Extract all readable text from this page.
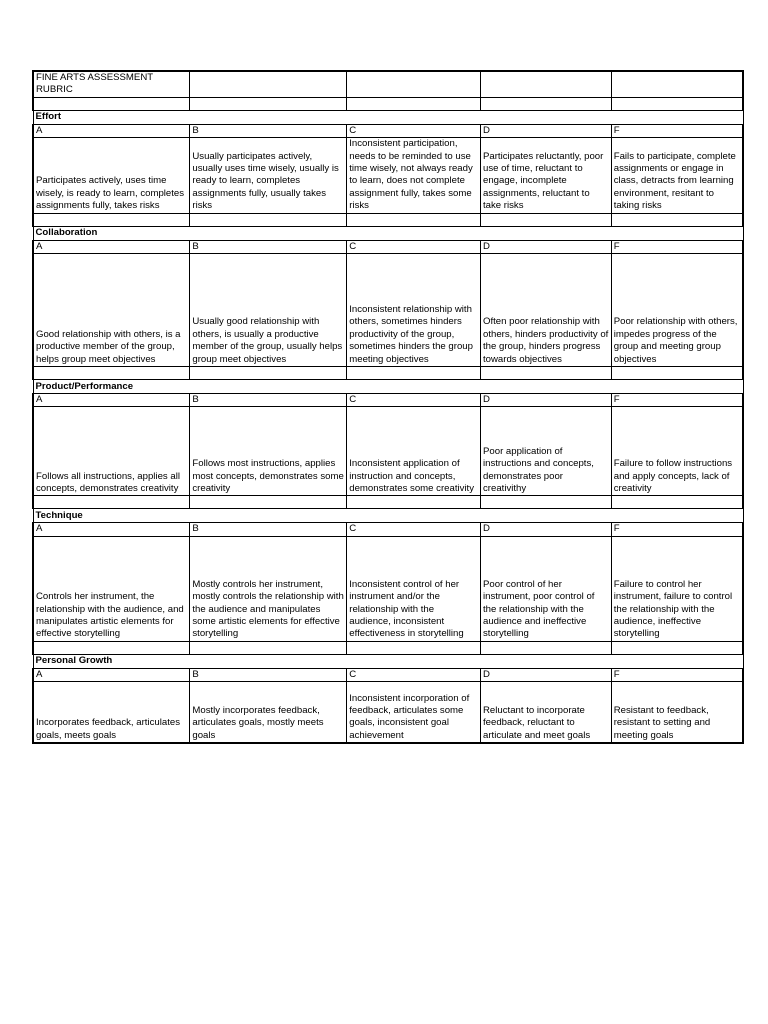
FINE ARTS ASSESSMENT RUBRIC				

Effort				
A	B	C	D	F
Participates actively, uses time wisely, is ready to learn, completes assignments fully, takes risks	Usually participates actively, usually uses time wisely, usually is ready to learn, completes assignments fully, usually takes risks	Inconsistent participation, needs to be reminded to use time wisely, not always ready to learn, does not complete assignment fully, takes some risks	Participates reluctantly, poor use of time, reluctant to engage, incomplete assignments, reluctant to take risks	Fails to participate, complete assignments or engage in class, detracts from learning environment, resitant to taking risks

Collaboration				
A	B	C	D	F
Good relationship with others, is a productive member of the group, helps group meet objectives	Usually good relationship with others, is usually a productive member of the group, usually helps group meet objectives	Inconsistent relationship with others, sometimes hinders productivity of the group, sometimes hinders the group meeting objectives	Often poor relationship with others, hinders productivity of the group, hinders progress towards objectives	Poor relationship with others, impedes progress of the group and meeting group objectives

Product/Performance				
A	B	C	D	F
Follows all instructions, applies all concepts, demonstrates creativity	Follows most instructions, applies most concepts, demonstrates some creativity	Inconsistent application of instruction and concepts, demonstrates some creativity	Poor application of instructions and concepts, demonstrates poor creativithy	Failure to follow instructions and apply concepts, lack of creativity

Technique				
A	B	C	D	F
Controls her instrument, the relationship with the audience, and manipulates artistic elements for effective storytelling	Mostly controls her instrument, mostly controls the relationship with the audience and manipulates some artistic elements for effective storytelling	Inconsistent control of her instrument and/or the relationship with the audience, inconsistent effectiveness in storytelling	Poor control of her instrument, poor control of the relationship with the audience and ineffective storytelling	Failure to control her instrument, failure to control the relationship with the audience, ineffective storytelling

Personal Growth				
A	B	C	D	F
Incorporates feedback, articulates goals, meets goals	Mostly incorporates feedback, articulates goals, mostly meets goals	Inconsistent incorporation of feedback, articulates some goals, inconsistent goal achievement	Reluctant to incorporate feedback, reluctant to articulate and meet goals	Resistant to feedback, resistant to setting and meeting goals
